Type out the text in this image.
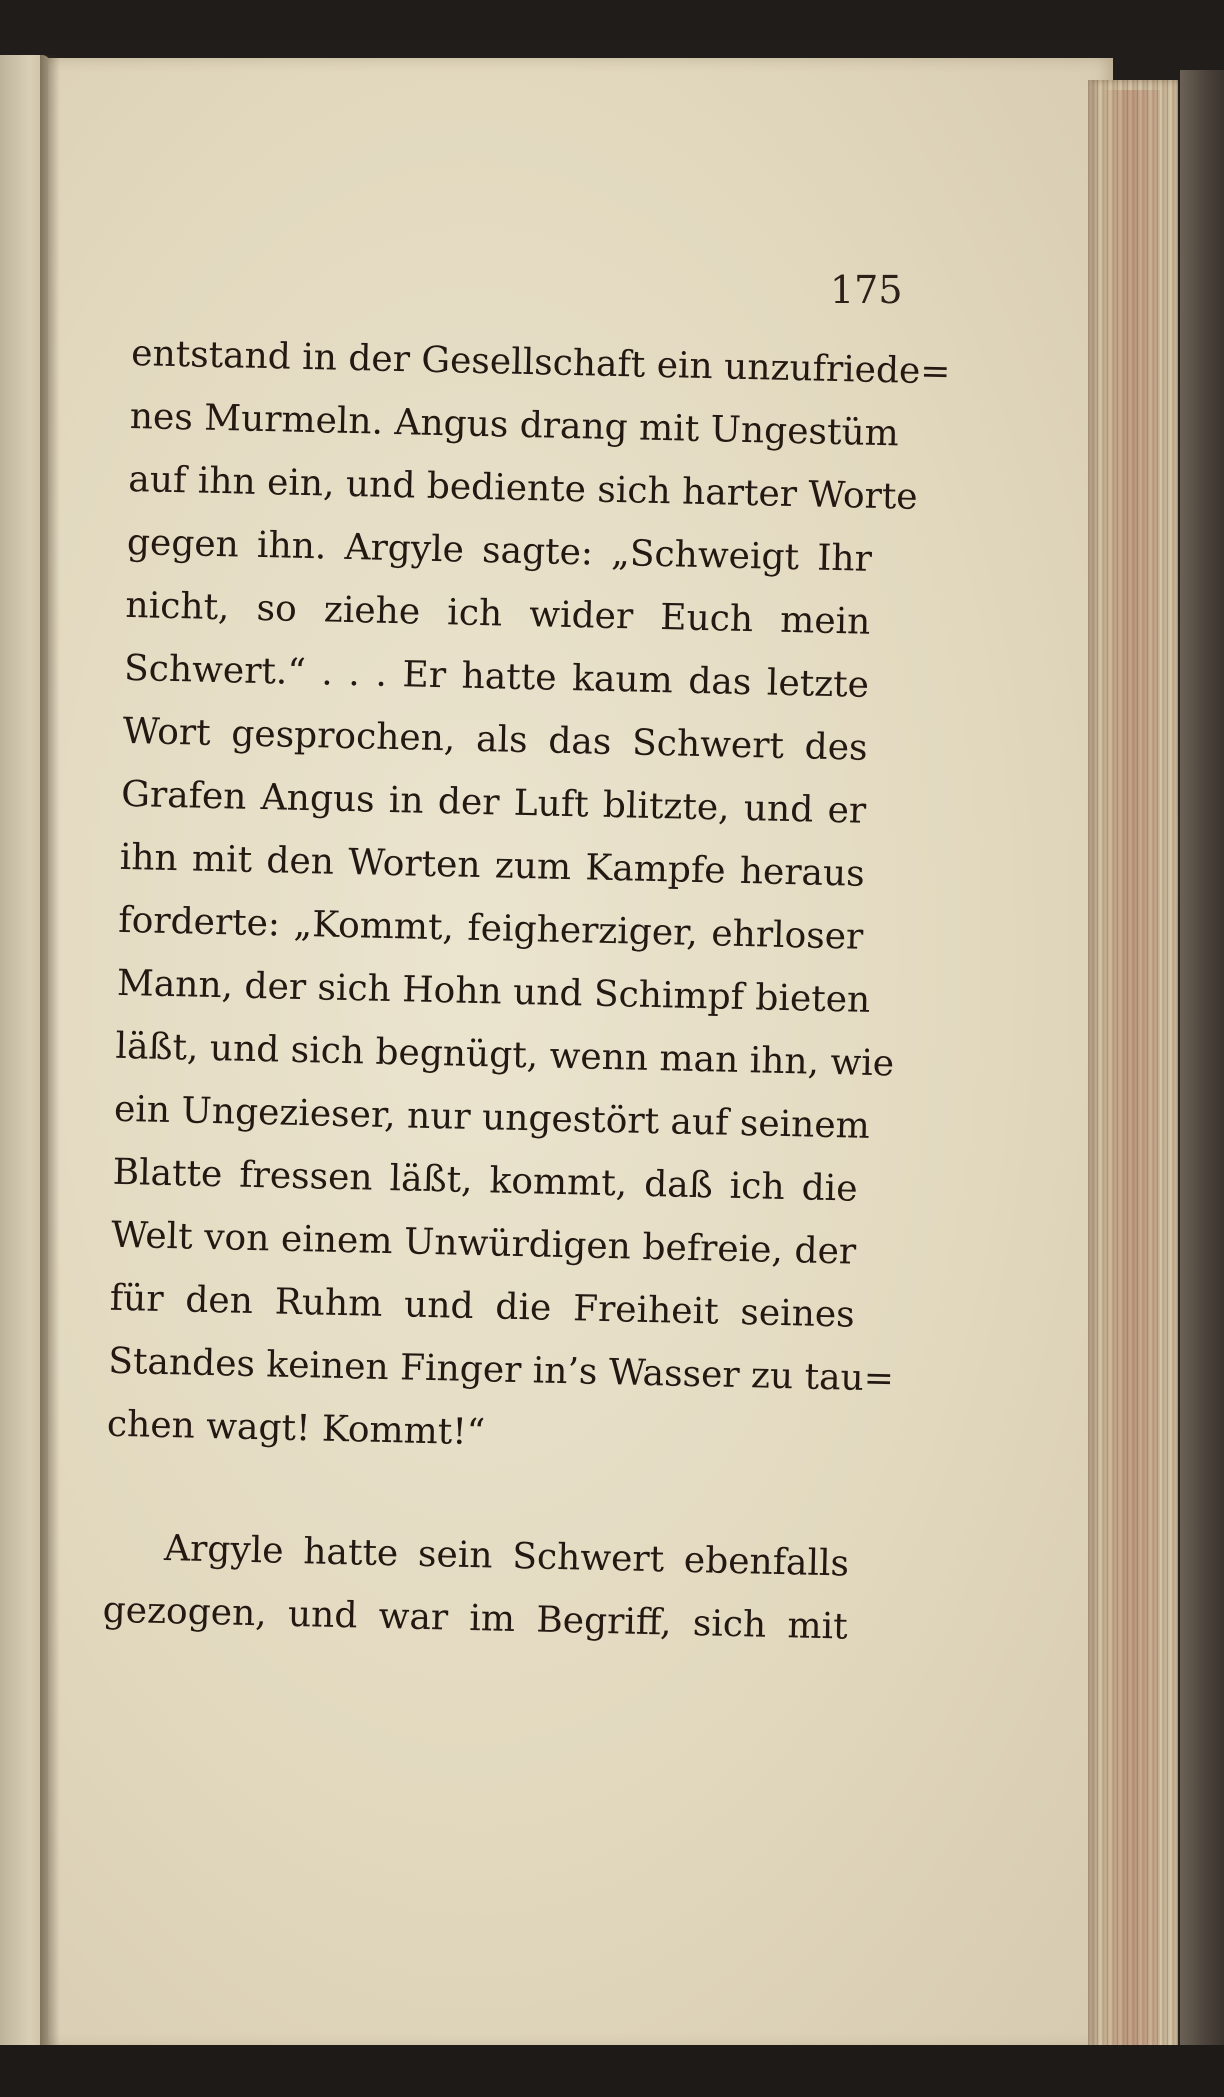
175
entstand in der Gesellschaft ein unzufriede=
nes Murmeln. Angus drang mit Ungestüm
auf ihn ein, und bediente sich harter Worte
gegen ihn. Argyle sagte: „Schweigt Ihr
nicht, so ziehe ich wider Euch mein
Schwert.“ . . . Er hatte kaum das letzte
Wort gesprochen, als das Schwert des
Grafen Angus in der Luft blitzte, und er
ihn mit den Worten zum Kampfe heraus
forderte: „Kommt, feigherziger, ehrloser
Mann, der sich Hohn und Schimpf bieten
läßt, und sich begnügt, wenn man ihn, wie
ein Ungezieser, nur ungestört auf seinem
Blatte fressen läßt, kommt, daß ich die
Welt von einem Unwürdigen befreie, der
für den Ruhm und die Freiheit seines
Standes keinen Finger in’s Wasser zu tau=
chen wagt! Kommt!“
Argyle hatte sein Schwert ebenfalls
gezogen, und war im Begriff, sich mit
